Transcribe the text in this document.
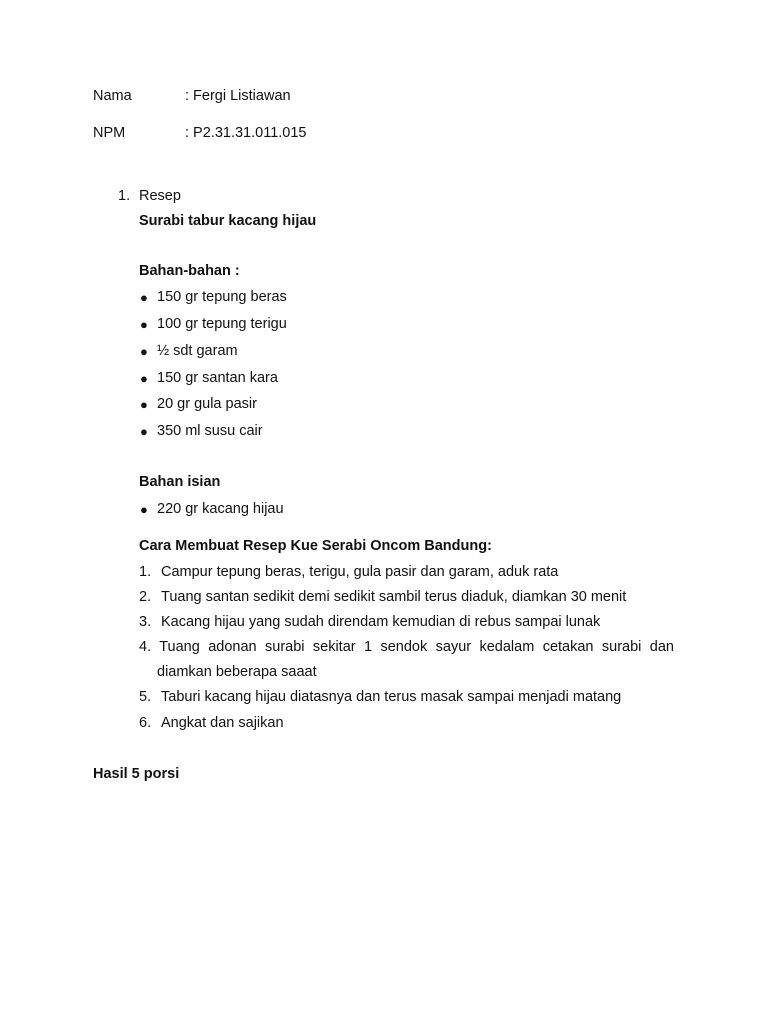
Nama	: Fergi Listiawan
NPM	: P2.31.31.011.015
1. Resep
Surabi tabur kacang hijau
Bahan-bahan :
● 150 gr tepung beras
● 100 gr tepung terigu
● ½ sdt garam
● 150 gr santan kara
● 20 gr gula pasir
● 350 ml susu cair
Bahan isian
● 220 gr kacang hijau
Cara Membuat Resep Kue Serabi Oncom Bandung:
1. Campur tepung beras, terigu, gula pasir dan garam, aduk rata
2. Tuang santan sedikit demi sedikit sambil terus diaduk, diamkan 30 menit
3. Kacang hijau yang sudah direndam kemudian di rebus sampai lunak
4. Tuang adonan surabi sekitar 1 sendok sayur kedalam cetakan surabi dan
diamkan beberapa saaat
5. Taburi kacang hijau diatasnya dan terus masak sampai menjadi matang
6. Angkat dan sajikan
Hasil 5 porsi
